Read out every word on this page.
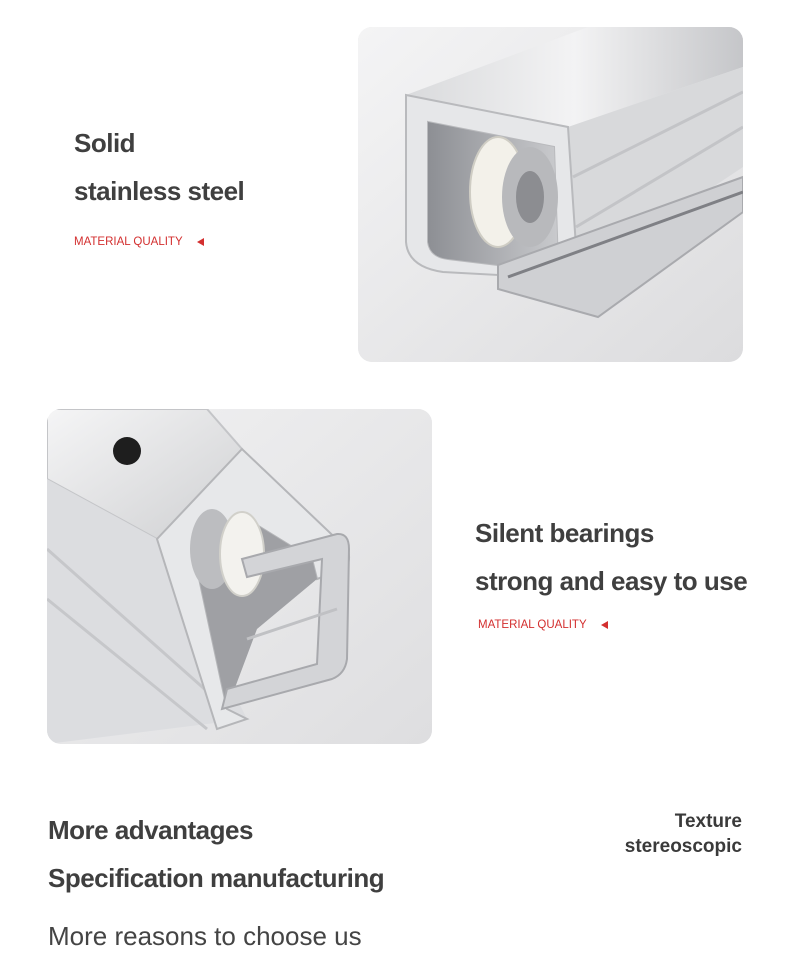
Solid
stainless steel
MATERIAL QUALITY
Silent bearings
strong and easy to use
MATERIAL QUALITY
More advantages
Specification manufacturing
More reasons to choose us
Texture
stereoscopic
